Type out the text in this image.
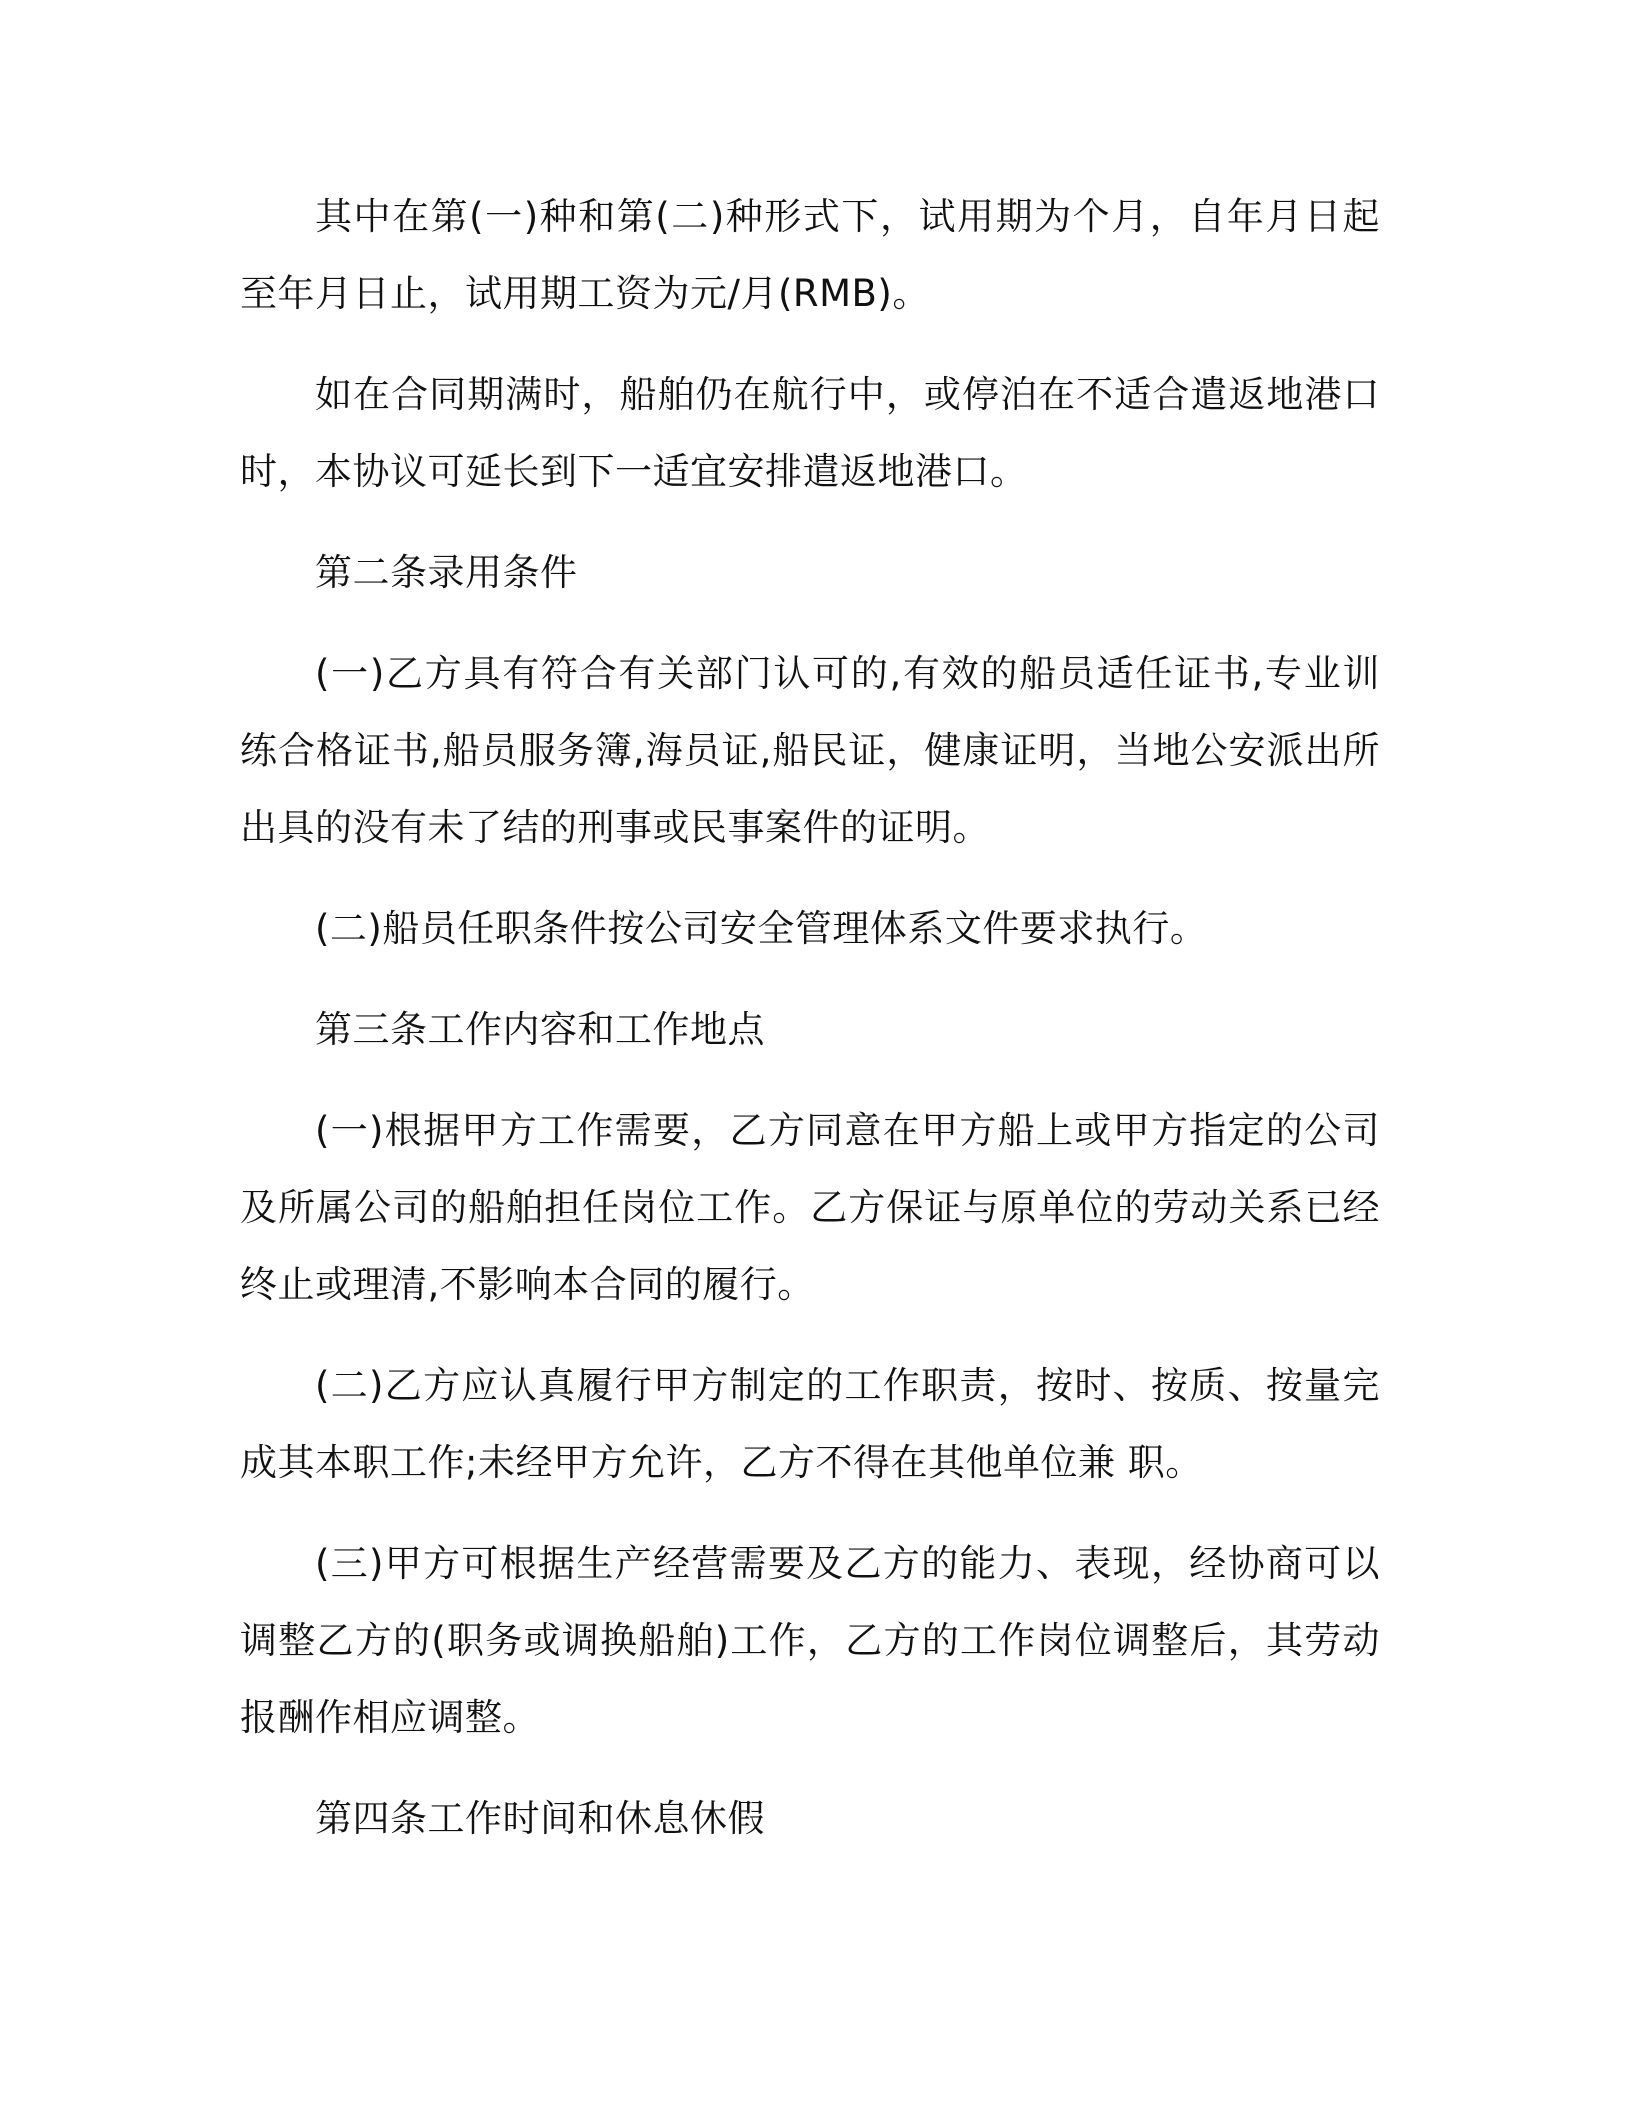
其中在第(一)种和第(二)种形式下，试用期为个月，自年月日起至年月日止，试用期工资为元/月(RMB)。

如在合同期满时，船舶仍在航行中，或停泊在不适合遣返地港口时，本协议可延长到下一适宜安排遣返地港口。

第二条录用条件

(一)乙方具有符合有关部门认可的,有效的船员适任证书,专业训练合格证书,船员服务簿,海员证,船民证，健康证明，当地公安派出所出具的没有未了结的刑事或民事案件的证明。

(二)船员任职条件按公司安全管理体系文件要求执行。

第三条工作内容和工作地点

(一)根据甲方工作需要，乙方同意在甲方船上或甲方指定的公司及所属公司的船舶担任岗位工作。乙方保证与原单位的劳动关系已经终止或理清,不影响本合同的履行。

(二)乙方应认真履行甲方制定的工作职责，按时、按质、按量完成其本职工作;未经甲方允许，乙方不得在其他单位兼 职。

(三)甲方可根据生产经营需要及乙方的能力、表现，经协商可以调整乙方的(职务或调换船舶)工作，乙方的工作岗位调整后，其劳动报酬作相应调整。

第四条工作时间和休息休假
